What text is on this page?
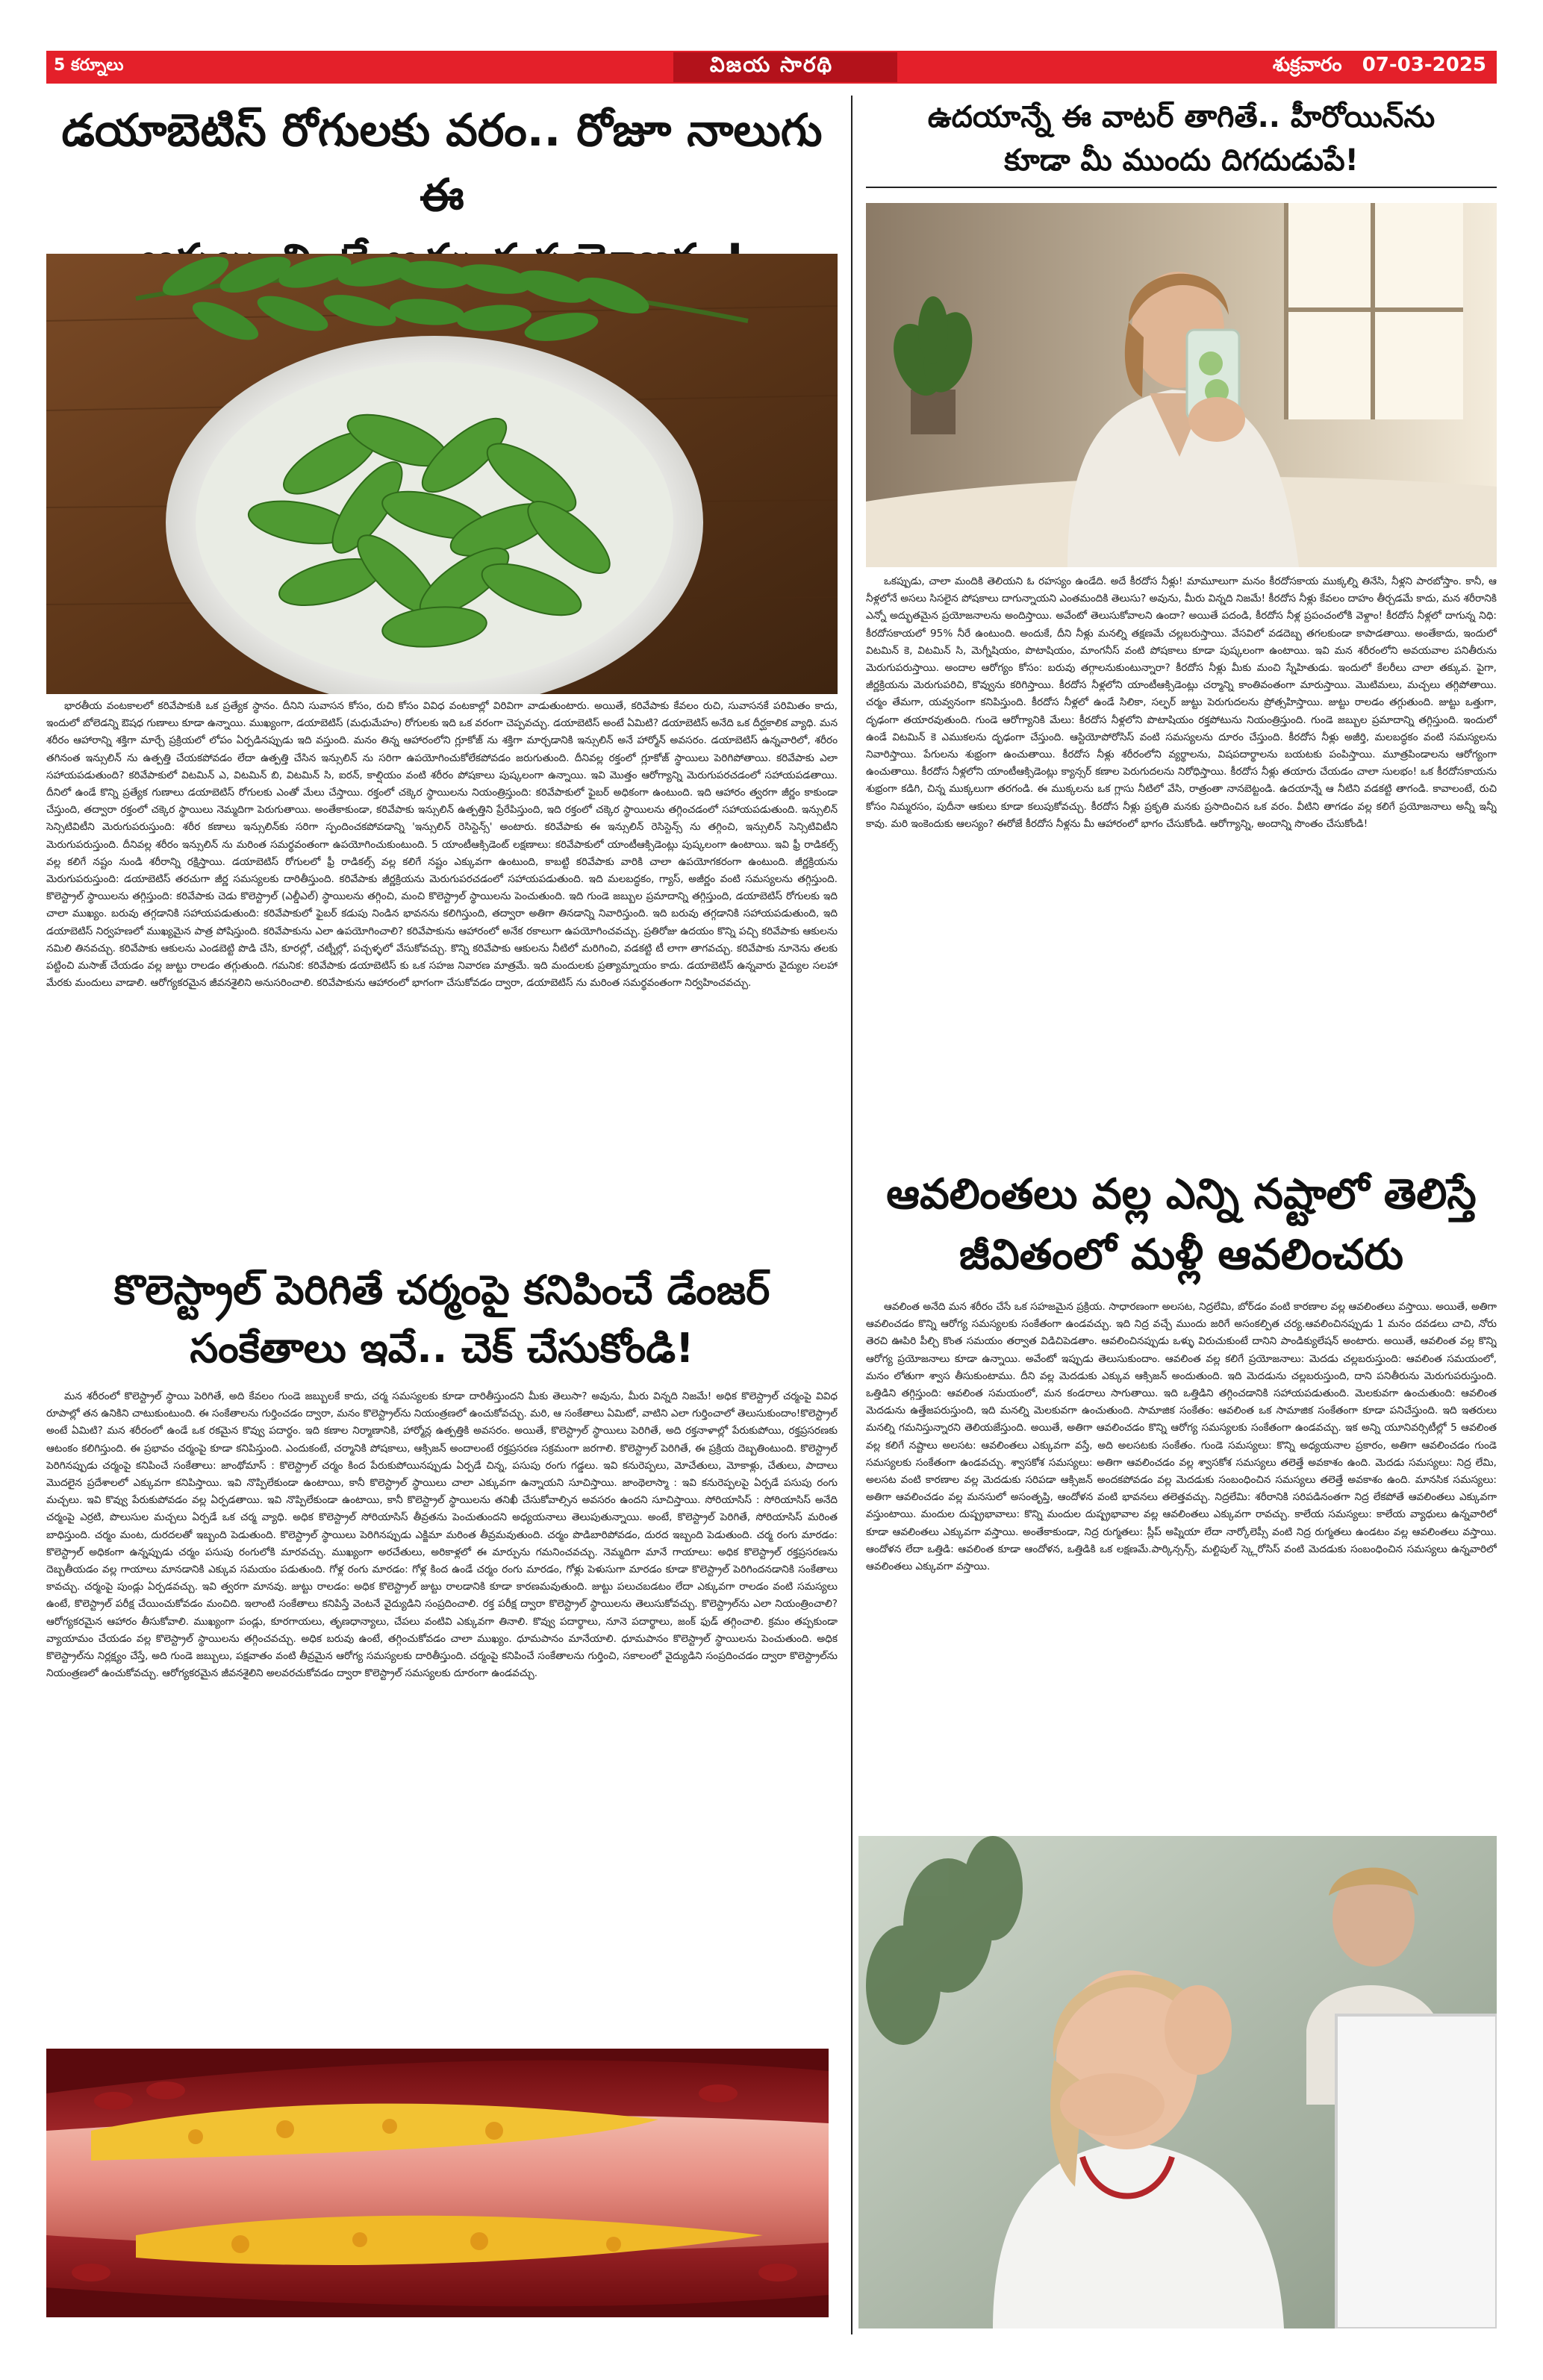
5 కర్నూలు	విజయ సారథి	శుక్రవారం 07-03-2025
డయాబెటిస్ రోగులకు వరం.. రోజూ నాలుగు ఈ

భారతీయ వంటకాలలో కరివేపాకుకి ఒక ప్రత్యేక స్థానం. దీనిని సువాసన కోసం, రుచి కోసం వివిధ వంటకాల్లో విరివిగా వాడుతుంటారు. అయితే, కరివేపాకు కేవలం రుచి, సువాసనకే పరిమితం కాదు, ఇందులో బోలెడన్ని ఔషధ గుణాలు కూడా ఉన్నాయి. ముఖ్యంగా, డయాబెటిస్ (మధుమేహం) రోగులకు ఇది ఒక వరంగా చెప్పవచ్చు. డయాబెటిస్ అంటే ఏమిటి? డయాబెటిస్ అనేది ఒక దీర్ఘకాలిక వ్యాధి. మన శరీరం ఆహారాన్ని శక్తిగా మార్చే ప్రక్రియలో లోపం ఏర్పడినప్పుడు ఇది వస్తుంది. మనం తిన్న ఆహారంలోని గ్లూకోజ్ ను శక్తిగా మార్చడానికి ఇన్సులిన్ అనే హార్మోన్ అవసరం. డయాబెటిస్ ఉన్నవారిలో, శరీరం తగినంత ఇన్సులిన్ ను ఉత్పత్తి చేయకపోవడం లేదా ఉత్పత్తి చేసిన ఇన్సులిన్ ను సరిగా ఉపయోగించుకోలేకపోవడం జరుగుతుంది. దీనివల్ల రక్తంలో గ్లూకోజ్ స్థాయిలు పెరిగిపోతాయి. కరివేపాకు ఎలా సహాయపడుతుంది? కరివేపాకులో విటమిన్ ఎ, విటమిన్ బి, విటమిన్ సి, ఐరన్, కాల్షియం వంటి శరీరం పోషకాలు పుష్కలంగా ఉన్నాయి. ఇవి మొత్తం ఆరోగ్యాన్ని మెరుగుపరచడంలో సహాయపడతాయి. దీనిలో ఉండే కొన్ని ప్రత్యేక గుణాలు డయాబెటిస్ రోగులకు ఎంతో మేలు చేస్తాయి. రక్తంలో చక్కెర స్థాయిలను నియంత్రిస్తుంది: కరివేపాకులో ఫైబర్ అధికంగా ఉంటుంది. ఇది ఆహారం త్వరగా జీర్ణం కాకుండా చేస్తుంది, తద్వారా రక్తంలో చక్కెర స్థాయిలు నెమ్మదిగా పెరుగుతాయి. అంతేకాకుండా, కరివేపాకు ఇన్సులిన్ ఉత్పత్తిని ప్రేరేపిస్తుంది, ఇది రక్తంలో చక్కెర స్థాయిలను తగ్గించడంలో సహాయపడుతుంది. ఇన్సులిన్ సెన్సిటివిటీని మెరుగుపరుస్తుంది: శరీర కణాలు ఇన్సులిన్‌కు సరిగా స్పందించకపోవడాన్ని 'ఇన్సులిన్ రెసిస్టెన్స్' అంటారు. కరివేపాకు ఈ ఇన్సులిన్ రెసిస్టెన్స్ ను తగ్గించి, ఇన్సులిన్ సెన్సిటివిటీని మెరుగుపరుస్తుంది. దీనివల్ల శరీరం ఇన్సులిన్ ను మరింత సమర్థవంతంగా ఉపయోగించుకుంటుంది. 5 యాంటీఆక్సిడెంట్ లక్షణాలు: కరివేపాకులో యాంటీఆక్సిడెంట్లు పుష్కలంగా ఉంటాయి. ఇవి ఫ్రీ రాడికల్స్ వల్ల కలిగే నష్టం నుండి శరీరాన్ని రక్షిస్తాయి. డయాబెటిస్ రోగులలో ఫ్రీ రాడికల్స్ వల్ల కలిగే నష్టం ఎక్కువగా ఉంటుంది, కాబట్టి కరివేపాకు వారికి చాలా ఉపయోగకరంగా ఉంటుంది. జీర్ణక్రియను మెరుగుపరుస్తుంది: డయాబెటిస్ తరచుగా జీర్ణ సమస్యలకు దారితీస్తుంది. కరివేపాకు జీర్ణక్రియను మెరుగుపరచడంలో సహాయపడుతుంది. ఇది మలబద్ధకం, గ్యాస్, అజీర్ణం వంటి సమస్యలను తగ్గిస్తుంది. కొలెస్ట్రాల్ స్థాయిలను తగ్గిస్తుంది: కరివేపాకు చెడు కొలెస్ట్రాల్ (ఎల్డీఎల్) స్థాయిలను తగ్గించి, మంచి కొలెస్ట్రాల్ స్థాయిలను పెంచుతుంది. ఇది గుండె జబ్బుల ప్రమాదాన్ని తగ్గిస్తుంది, డయాబెటిస్ రోగులకు ఇది చాలా ముఖ్యం. బరువు తగ్గడానికి సహాయపడుతుంది: కరివేపాకులో ఫైబర్ కడుపు నిండిన భావనను కలిగిస్తుంది, తద్వారా అతిగా తినడాన్ని నివారిస్తుంది. ఇది బరువు తగ్గడానికి సహాయపడుతుంది, ఇది డయాబెటిస్ నిర్వహణలో ముఖ్యమైన పాత్ర పోషిస్తుంది. కరివేపాకును ఎలా ఉపయోగించాలి? కరివేపాకును ఆహారంలో అనేక రకాలుగా ఉపయోగించవచ్చు. ప్రతిరోజు ఉదయం కొన్ని పచ్చి కరివేపాకు ఆకులను నమిలి తినవచ్చు. కరివేపాకు ఆకులను ఎండబెట్టి పొడి చేసి, కూరల్లో, చట్నీల్లో, పచ్చళ్ళలో వేసుకోవచ్చు. కొన్ని కరివేపాకు ఆకులను నీటిలో మరిగించి, వడకట్టి టీ లాగా తాగవచ్చు. కరివేపాకు నూనెను తలకు పట్టించి మసాజ్ చేయడం వల్ల జుట్టు రాలడం తగ్గుతుంది. గమనిక: కరివేపాకు డయాబెటిస్ కు ఒక సహజ నివారణ మాత్రమే. ఇది మందులకు ప్రత్యామ్నాయం కాదు. డయాబెటిస్ ఉన్నవారు వైద్యుల సలహా మేరకు మందులు వాడాలి. ఆరోగ్యకరమైన జీవనశైలిని అనుసరించాలి. కరివేపాకును ఆహారంలో భాగంగా చేసుకోవడం ద్వారా, డయాబెటిస్ ను మరింత సమర్థవంతంగా నిర్వహించవచ్చు.

కొలెస్ట్రాల్ పెరిగితే చర్మంపై కనిపించే డేంజర్
సంకేతాలు ఇవే.. చెక్ చేసుకోండి!

మన శరీరంలో కొలెస్ట్రాల్ స్థాయి పెరిగితే, అది కేవలం గుండె జబ్బులకే కాదు, చర్మ సమస్యలకు కూడా దారితీస్తుందని మీకు తెలుసా? అవును, మీరు విన్నది నిజమే! అధిక కొలెస్ట్రాల్ చర్మంపై వివిధ రూపాల్లో తన ఉనికిని చాటుకుంటుంది. ఈ సంకేతాలను గుర్తించడం ద్వారా, మనం కొలెస్ట్రాల్‌ను నియంత్రణలో ఉంచుకోవచ్చు. మరి, ఆ సంకేతాలు ఏమిటో, వాటిని ఎలా గుర్తించాలో తెలుసుకుందాం!కొలెస్ట్రాల్ అంటే ఏమిటి? మన శరీరంలో ఉండే ఒక రకమైన కొవ్వు పదార్థం. ఇది కణాల నిర్మాణానికి, హార్మోన్ల ఉత్పత్తికి అవసరం. అయితే, కొలెస్ట్రాల్ స్థాయిలు పెరిగితే, అది రక్తనాళాల్లో పేరుకుపోయి, రక్తప్రసరణకు ఆటంకం కలిగిస్తుంది. ఈ ప్రభావం చర్మంపై కూడా కనిపిస్తుంది. ఎందుకంటే, చర్మానికి పోషకాలు, ఆక్సిజన్ అందాలంటే రక్తప్రసరణ సక్రమంగా జరగాలి. కొలెస్ట్రాల్ పెరిగితే, ఈ ప్రక్రియ దెబ్బతింటుంది. కొలెస్ట్రాల్ పెరిగినప్పుడు చర్మంపై కనిపించే సంకేతాలు: జాంథోమాస్ : కొలెస్ట్రాల్ చర్మం కింద పేరుకుపోయినప్పుడు ఏర్పడే చిన్న, పసుపు రంగు గడ్డలు. ఇవి కనురెప్పలు, మోచేతులు, మోకాళ్లు, చేతులు, పాదాలు మొదలైన ప్రదేశాలలో ఎక్కువగా కనిపిస్తాయి. ఇవి నొప్పిలేకుండా ఉంటాయి, కానీ కొలెస్ట్రాల్ స్థాయిలు చాలా ఎక్కువగా ఉన్నాయని సూచిస్తాయి. జాంథెలాస్మా : ఇవి కనురెప్పలపై ఏర్పడే పసుపు రంగు మచ్చలు. ఇవి కొవ్వు పేరుకుపోవడం వల్ల ఏర్పడతాయి. ఇవి నొప్పిలేకుండా ఉంటాయి, కానీ కొలెస్ట్రాల్ స్థాయిలను తనిఖీ చేసుకోవాల్సిన అవసరం ఉందని సూచిస్తాయి. సోరియాసిస్ : సోరియాసిస్ అనేది చర్మంపై ఎర్రటి, పొలుసుల మచ్చలు ఏర్పడే ఒక చర్మ వ్యాధి. అధిక కొలెస్ట్రాల్ సోరియాసిస్ తీవ్రతను పెంచుతుందని అధ్యయనాలు తెలుపుతున్నాయి. అంటే, కొలెస్ట్రాల్ పెరిగితే, సోరియాసిస్ మరింత బాధిస్తుంది. చర్మం మంట, దురదలతో ఇబ్బంది పెడుతుంది. కొలెస్ట్రాల్ స్థాయిలు పెరిగినప్పుడు ఎక్జిమా మరింత తీవ్రమవుతుంది. చర్మం పొడిబారిపోవడం, దురద ఇబ్బంది పెడుతుంది. చర్మ రంగు మారడం: కొలెస్ట్రాల్ అధికంగా ఉన్నప్పుడు చర్మం పసుపు రంగులోకి మారవచ్చు. ముఖ్యంగా అరచేతులు, అరికాళ్లలో ఈ మార్పును గమనించవచ్చు. నెమ్మదిగా మానే గాయాలు: అధిక కొలెస్ట్రాల్ రక్తప్రసరణను దెబ్బతీయడం వల్ల గాయాలు మానడానికి ఎక్కువ సమయం పడుతుంది. గోళ్ల రంగు మారడం: గోళ్ల కింద ఉండే చర్మం రంగు మారడం, గోళ్లు పెళుసుగా మారడం కూడా కొలెస్ట్రాల్ పెరిగిందనడానికి సంకేతాలు కావచ్చు. చర్మంపై పుండ్లు ఏర్పడవచ్చు. ఇవి త్వరగా మానవు. జుట్టు రాలడం: అధిక కొలెస్ట్రాల్ జుట్టు రాలడానికి కూడా కారణమవుతుంది. జుట్టు పలుచబడటం లేదా ఎక్కువగా రాలడం వంటి సమస్యలు ఉంటే, కొలెస్ట్రాల్ పరీక్ష చేయించుకోవడం మంచిది. ఇలాంటి సంకేతాలు కనిపిస్తే వెంటనే వైద్యుడిని సంప్రదించాలి. రక్త పరీక్ష ద్వారా కొలెస్ట్రాల్ స్థాయిలను తెలుసుకోవచ్చు. కొలెస్ట్రాల్‌ను ఎలా నియంత్రించాలి? ఆరోగ్యకరమైన ఆహారం తీసుకోవాలి. ముఖ్యంగా పండ్లు, కూరగాయలు, తృణధాన్యాలు, చేపలు వంటివి ఎక్కువగా తినాలి. కొవ్వు పదార్థాలు, నూనె పదార్థాలు, జంక్ ఫుడ్ తగ్గించాలి. క్రమం తప్పకుండా వ్యాయామం చేయడం వల్ల కొలెస్ట్రాల్ స్థాయిలను తగ్గించవచ్చు. అధిక బరువు ఉంటే, తగ్గించుకోవడం చాలా ముఖ్యం. ధూమపానం మానేయాలి. ధూమపానం కొలెస్ట్రాల్ స్థాయిలను పెంచుతుంది. అధిక కొలెస్ట్రాల్‌ను నిర్లక్ష్యం చేస్తే, అది గుండె జబ్బులు, పక్షవాతం వంటి తీవ్రమైన ఆరోగ్య సమస్యలకు దారితీస్తుంది. చర్మంపై కనిపించే సంకేతాలను గుర్తించి, సకాలంలో వైద్యుడిని సంప్రదించడం ద్వారా కొలెస్ట్రాల్‌ను నియంత్రణలో ఉంచుకోవచ్చు. ఆరోగ్యకరమైన జీవనశైలిని అలవరచుకోవడం ద్వారా కొలెస్ట్రాల్ సమస్యలకు దూరంగా ఉండవచ్చు.

ఉదయాన్నే ఈ వాటర్ తాగితే.. హీరోయిన్‌ను
కూడా మీ ముందు దిగదుడుపే!

ఒకప్పుడు, చాలా మందికి తెలియని ఓ రహస్యం ఉండేది. అదే కీరదోస నీళ్లు! మామూలుగా మనం కీరదోసకాయ ముక్కల్ని తినేసి, నీళ్లని పారబోస్తాం. కానీ, ఆ నీళ్లలోనే అసలు సిసలైన పోషకాలు దాగున్నాయని ఎంతమందికి తెలుసు? అవును, మీరు విన్నది నిజమే! కీరదోస నీళ్లు కేవలం దాహం తీర్చడమే కాదు, మన శరీరానికి ఎన్నో అద్భుతమైన ప్రయోజనాలను అందిస్తాయి. అవేంటో తెలుసుకోవాలని ఉందా? అయితే పదండి, కీరదోస నీళ్ల ప్రపంచంలోకి వెళ్దాం! కీరదోస నీళ్లలో దాగున్న నిధి: కీరదోసకాయలో 95% నీరే ఉంటుంది. అందుకే, దీని నీళ్లు మనల్ని తక్షణమే చల్లబరుస్తాయి. వేసవిలో వడదెబ్బ తగలకుండా కాపాడతాయి. అంతేకాదు, ఇందులో విటమిన్ కె, విటమిన్ సి, మెగ్నీషియం, పొటాషియం, మాంగనీస్ వంటి పోషకాలు కూడా పుష్కలంగా ఉంటాయి. ఇవి మన శరీరంలోని అవయవాల పనితీరును మెరుగుపరుస్తాయి. అందాల ఆరోగ్యం కోసం: బరువు తగ్గాలనుకుంటున్నారా? కీరదోస నీళ్లు మీకు మంచి స్నేహితుడు. ఇందులో కేలరీలు చాలా తక్కువ. పైగా, జీర్ణక్రియను మెరుగుపరిచి, కొవ్వును కరిగిస్తాయి. కీరదోస నీళ్లలోని యాంటీఆక్సిడెంట్లు చర్మాన్ని కాంతివంతంగా మారుస్తాయి. మొటిమలు, మచ్చలు తగ్గిపోతాయి. చర్మం తేమగా, యవ్వనంగా కనిపిస్తుంది. కీరదోస నీళ్లలో ఉండే సిలికా, సల్ఫర్ జుట్టు పెరుగుదలను ప్రోత్సహిస్తాయి. జుట్టు రాలడం తగ్గుతుంది. జుట్టు ఒత్తుగా, దృఢంగా తయారవుతుంది. గుండె ఆరోగ్యానికి మేలు: కీరదోస నీళ్లలోని పొటాషియం రక్తపోటును నియంత్రిస్తుంది. గుండె జబ్బుల ప్రమాదాన్ని తగ్గిస్తుంది. ఇందులో ఉండే విటమిన్ కె ఎముకలను దృఢంగా చేస్తుంది. ఆస్టియోపోరోసిస్ వంటి సమస్యలను దూరం చేస్తుంది. కీరదోస నీళ్లు అజీర్తి, మలబద్ధకం వంటి సమస్యలను నివారిస్తాయి. పేగులను శుభ్రంగా ఉంచుతాయి. కీరదోస నీళ్లు శరీరంలోని వ్యర్థాలను, విషపదార్థాలను బయటకు పంపిస్తాయి. మూత్రపిండాలను ఆరోగ్యంగా ఉంచుతాయి. కీరదోస నీళ్లలోని యాంటీఆక్సిడెంట్లు క్యాన్సర్ కణాల పెరుగుదలను నిరోధిస్తాయి. కీరదోస నీళ్లు తయారు చేయడం చాలా సులభం! ఒక కీరదోసకాయను శుభ్రంగా కడిగి, చిన్న ముక్కలుగా తరగండి. ఈ ముక్కలను ఒక గ్లాసు నీటిలో వేసి, రాత్రంతా నానబెట్టండి. ఉదయాన్నే ఆ నీటిని వడకట్టి తాగండి. కావాలంటే, రుచి కోసం నిమ్మరసం, పుదీనా ఆకులు కూడా కలుపుకోవచ్చు. కీరదోస నీళ్లు ప్రకృతి మనకు ప్రసాదించిన ఒక వరం. వీటిని తాగడం వల్ల కలిగే ప్రయోజనాలు అన్నీ ఇన్నీ కావు. మరి ఇంకెందుకు ఆలస్యం? ఈరోజే కీరదోస నీళ్లను మీ ఆహారంలో భాగం చేసుకోండి. ఆరోగ్యాన్ని, అందాన్ని సొంతం చేసుకోండి!

ఆవలింతలు వల్ల ఎన్ని నష్టాలో తెలిస్తే
జీవితంలో మళ్లీ ఆవలించరు

ఆవలింత అనేది మన శరీరం చేసే ఒక సహజమైన ప్రక్రియ. సాధారణంగా అలసట, నిద్రలేమి, బోర్‌డం వంటి కారణాల వల్ల ఆవలింతలు వస్తాయి. అయితే, అతిగా ఆవలించడం కొన్ని ఆరోగ్య సమస్యలకు సంకేతంగా ఉండవచ్చు. ఇది నిద్ర వచ్చే ముందు జరిగే అసంకల్పిత చర్య.ఆవలించినప్పుడు 1 మనం దవడలు చాచి, నోరు తెరచి ఊపిరి పీల్చి కొంత సమయం తర్వాత విడిచిపెడతాం. ఆవలించినప్పుడు ఒళ్ళు విరుచుకుంటే దానిని పాండిక్యులేషన్ అంటారు. అయితే, ఆవలింత వల్ల కొన్ని ఆరోగ్య ప్రయోజనాలు కూడా ఉన్నాయి. అవేంటో ఇప్పుడు తెలుసుకుందాం. ఆవలింత వల్ల కలిగే ప్రయోజనాలు: మెదడు చల్లబరుస్తుంది: ఆవలింత సమయంలో, మనం లోతుగా శ్వాస తీసుకుంటాము. దీని వల్ల మెదడుకు ఎక్కువ ఆక్సిజన్ అందుతుంది. ఇది మెదడును చల్లబరుస్తుంది, దాని పనితీరును మెరుగుపరుస్తుంది. ఒత్తిడిని తగ్గిస్తుంది: ఆవలింత సమయంలో, మన కండరాలు సాగుతాయి. ఇది ఒత్తిడిని తగ్గించడానికి సహాయపడుతుంది. మెలకువగా ఉంచుతుంది: ఆవలింత మెదడును ఉత్తేజపరుస్తుంది, ఇది మనల్ని మెలకువగా ఉంచుతుంది. సామాజిక సంకేతం: ఆవలింత ఒక సామాజిక సంకేతంగా కూడా పనిచేస్తుంది. ఇది ఇతరులు మనల్ని గమనిస్తున్నారని తెలియజేస్తుంది. అయితే, అతిగా ఆవలించడం కొన్ని ఆరోగ్య సమస్యలకు సంకేతంగా ఉండవచ్చు. ఇక అన్ని యూనివర్సిటీల్లో 5 ఆవలింత వల్ల కలిగే నష్టాలు అలసట: ఆవలింతలు ఎక్కువగా వస్తే, అది అలసటకు సంకేతం. గుండె సమస్యలు: కొన్ని అధ్యయనాల ప్రకారం, అతిగా ఆవలించడం గుండె సమస్యలకు సంకేతంగా ఉండవచ్చు. శ్వాసకోశ సమస్యలు: అతిగా ఆవలించడం వల్ల శ్వాసకోశ సమస్యలు తలెత్తే అవకాశం ఉంది. మెదడు సమస్యలు: నిద్ర లేమి, అలసట వంటి కారణాల వల్ల మెదడుకు సరిపడా ఆక్సిజన్ అందకపోవడం వల్ల మెదడుకు సంబంధించిన సమస్యలు తలెత్తే అవకాశం ఉంది. మానసిక సమస్యలు: అతిగా ఆవలించడం వల్ల మనసులో అసంతృప్తి, ఆందోళన వంటి భావనలు తలెత్తవచ్చు. నిద్రలేమి: శరీరానికి సరిపడినంతగా నిద్ర లేకపోతే ఆవలింతలు ఎక్కువగా వస్తుంటాయి. మందుల దుష్ప్రభావాలు: కొన్ని మందుల దుష్ప్రభావాల వల్ల ఆవలింతలు ఎక్కువగా రావచ్చు. కాలేయ సమస్యలు: కాలేయ వ్యాధులు ఉన్నవారిలో కూడా ఆవలింతలు ఎక్కువగా వస్తాయి. అంతేకాకుండా, నిద్ర రుగ్మతలు: స్లీప్ అప్నియా లేదా నార్కోలెప్సీ వంటి నిద్ర రుగ్మతలు ఉండటం వల్ల ఆవలింతలు వస్తాయి. ఆందోళన లేదా ఒత్తిడి: ఆవలింత కూడా ఆందోళన, ఒత్తిడికి ఒక లక్షణమే.పార్కిన్సన్స్, మల్టిపుల్ స్క్లెరోసిస్ వంటి మెదడుకు సంబంధించిన సమస్యలు ఉన్నవారిలో ఆవలింతలు ఎక్కువగా వస్తాయి.
